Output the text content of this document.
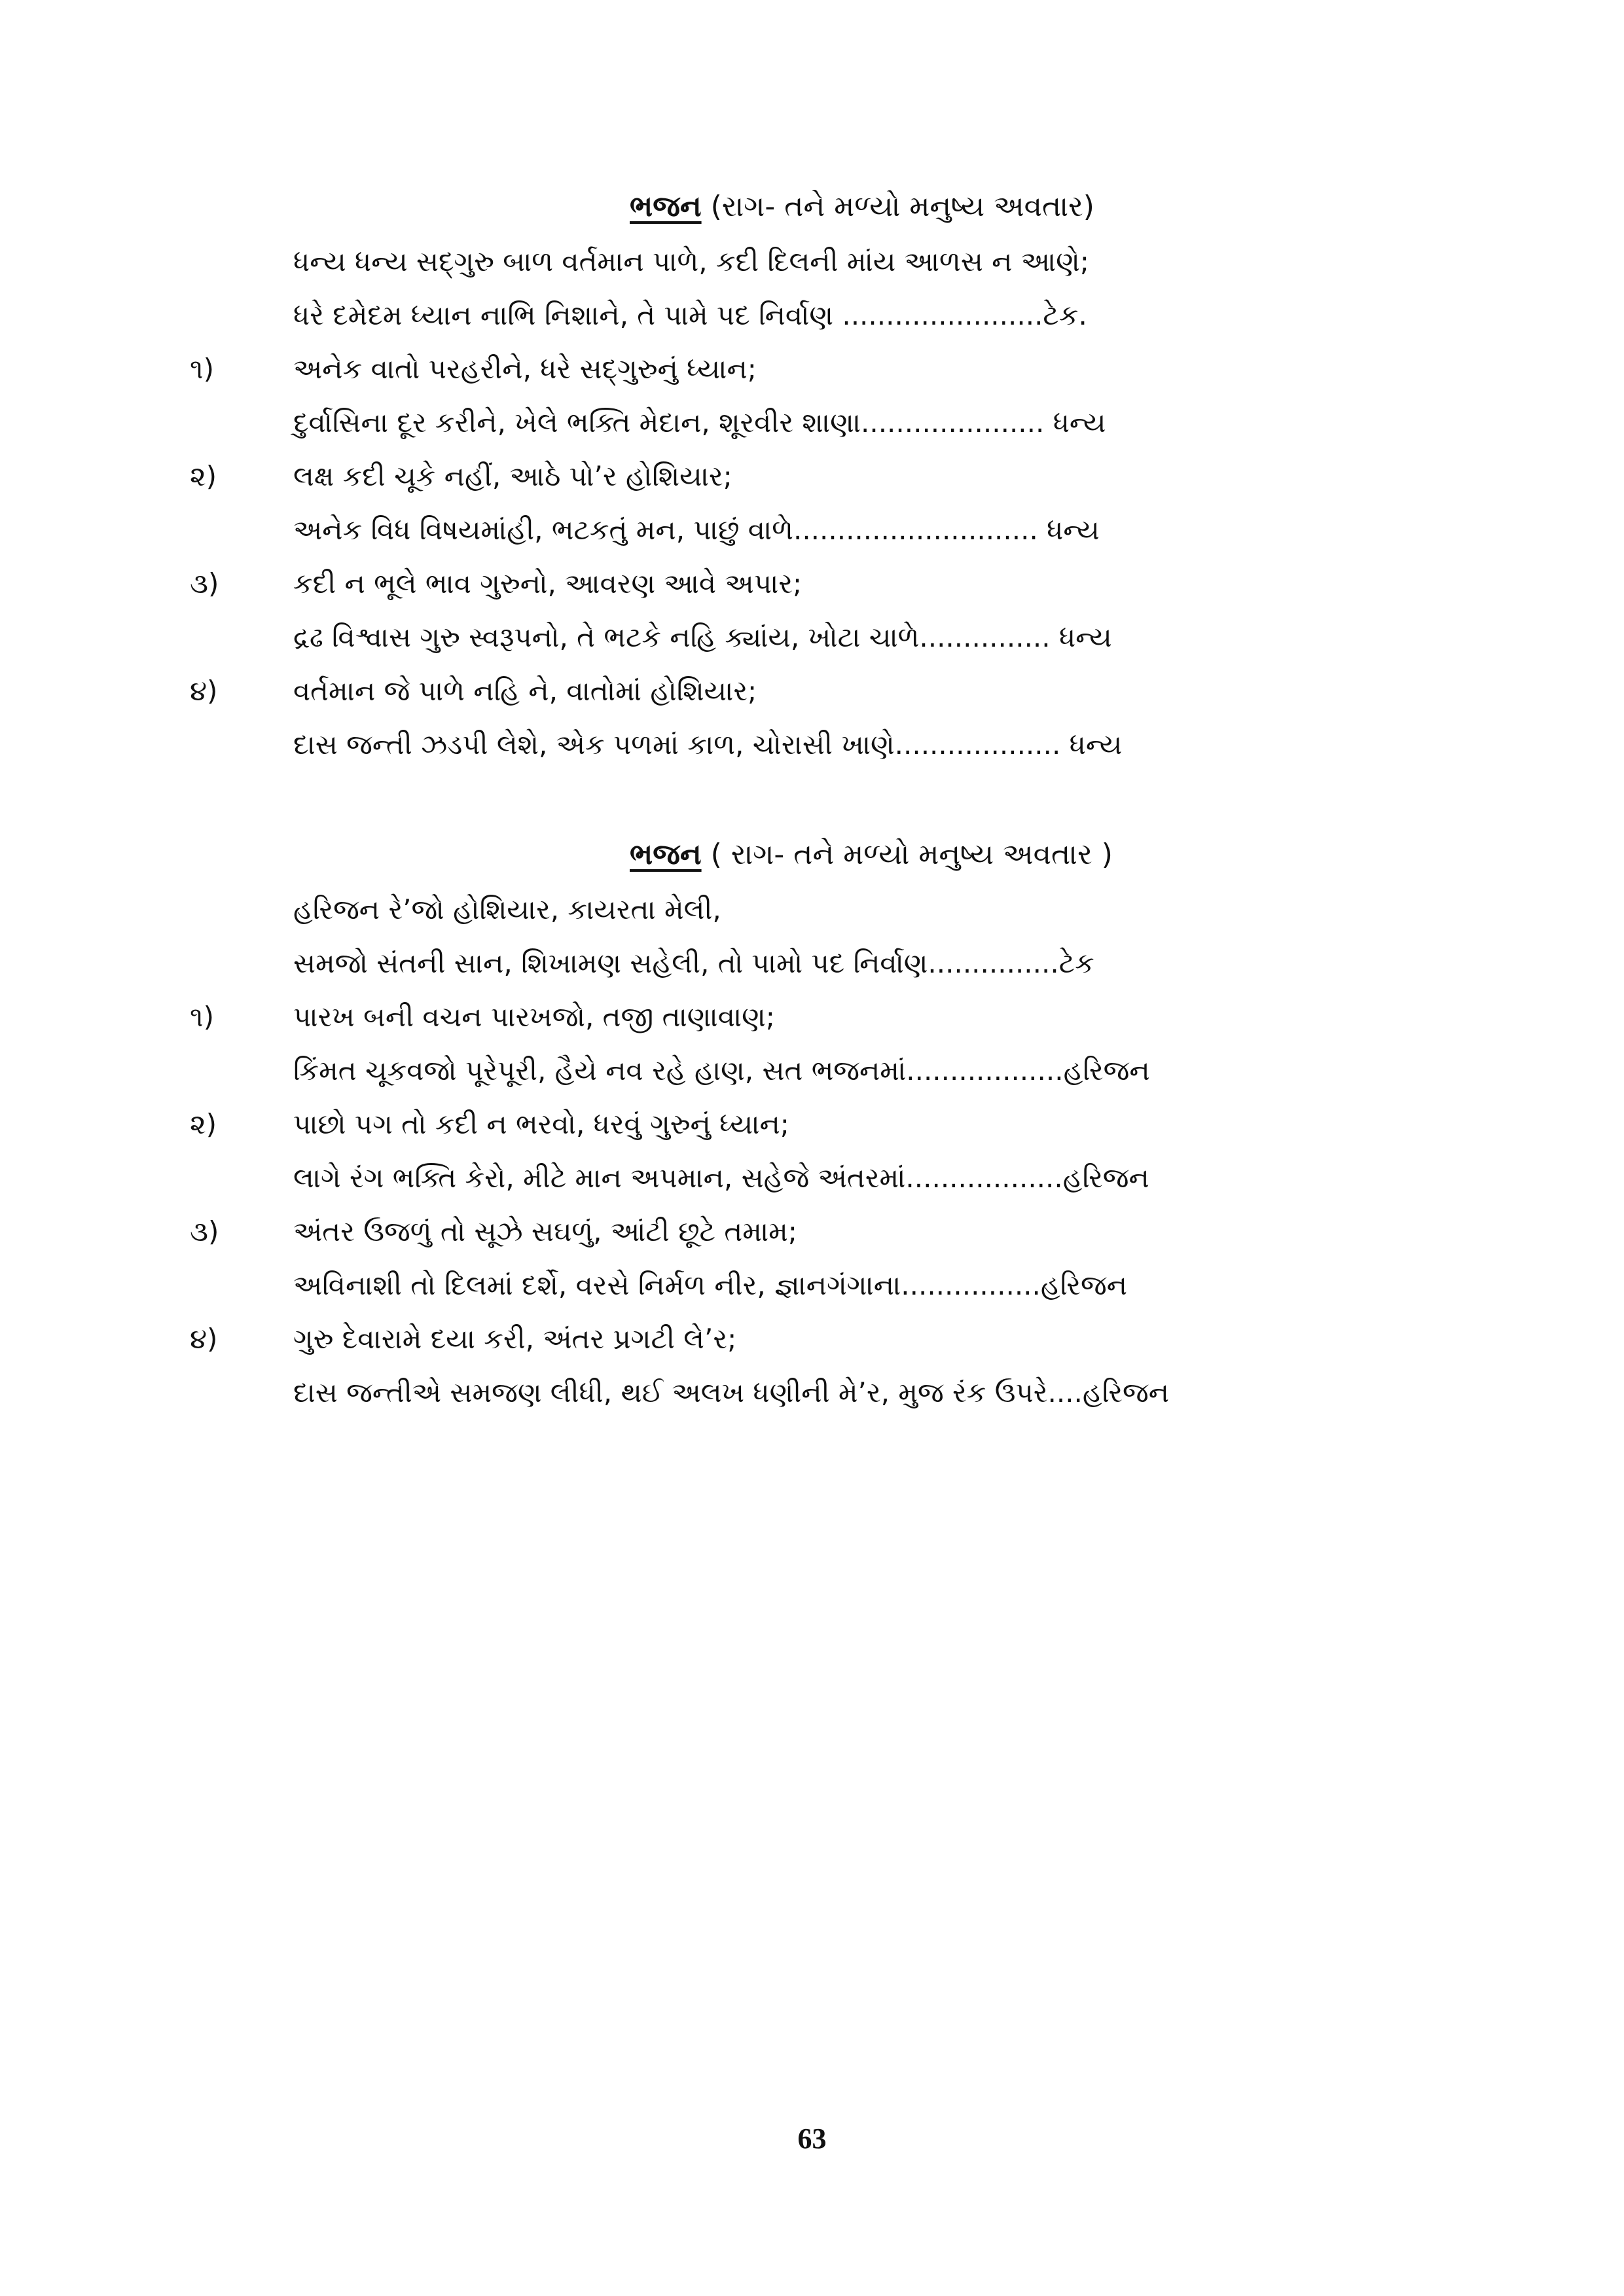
ભજન (રાગ- તને મળ્યો મનુષ્ય અવતાર)
ધન્ય ધન્ય સદ્‌ગુરુ બાળ વર્તમાન પાળે, કદી દિલની માંય આળસ ન આણે;
ધરે દમેદમ ધ્યાન નાભિ નિશાને, તે પામે પદ નિર્વાણ .......................ટેક.
૧)	અનેક વાતો પરહરીને, ધરે સદ્‌ગુરુનું ધ્યાન;
દુર્વાસિના દૂર કરીને, ખેલે ભક્તિ મેદાન, શૂરવીર શાણા..................... ધન્ય
૨)	લક્ષ કદી ચૂકે નહીં, આઠે પો’ર હોશિયાર;
અનેક વિધ વિષયમાંહી, ભટકતું મન, પાછું વાળે............................ ધન્ય
૩)	કદી ન ભૂલે ભાવ ગુરુનો, આવરણ આવે અપાર;
દ્રઢ વિશ્વાસ ગુરુ સ્વરૂપનો, તે ભટકે નહિ ક્યાંય, ખોટા ચાળે............... ધન્ય
૪)	વર્તમાન જે પાળે નહિ ને, વાતોમાં હોશિયાર;
દાસ જન્તી ઝડપી લેશે, એક પળમાં કાળ, ચોરાસી ખાણે................... ધન્ય
ભજન ( રાગ- તને મળ્યો મનુષ્ય અવતાર )
હરિજન રે’જો હોશિયાર, કાયરતા મેલી,
સમજો સંતની સાન, શિખામણ સહેલી, તો પામો પદ નિર્વાણ...............ટેક
૧)	પારખ બની વચન પારખજો, તજી તાણાવાણ;
કિંમત ચૂકવજો પૂરેપૂરી, હૈયે નવ રહે હાણ, સત ભજનમાં..................હરિજન
૨)	પાછો પગ તો કદી ન ભરવો, ધરવું ગુરુનું ધ્યાન;
લાગે રંગ ભક્તિ કેરો, મીટે માન અપમાન, સહેજે અંતરમાં..................હરિજન
૩)	અંતર ઉજળું તો સૂઝે સઘળું, આંટી છૂટે તમામ;
અવિનાશી તો દિલમાં દર્શે, વરસે નિર્મળ નીર, જ્ઞાનગંગાના................હરિજન
૪)	ગુરુ દેવારામે દયા કરી, અંતર પ્રગટી લે’ર;
દાસ જન્તીએ સમજણ લીધી, થઈ અલખ ધણીની મે’ર, મુજ રંક ઉપરે....હરિજન
63
